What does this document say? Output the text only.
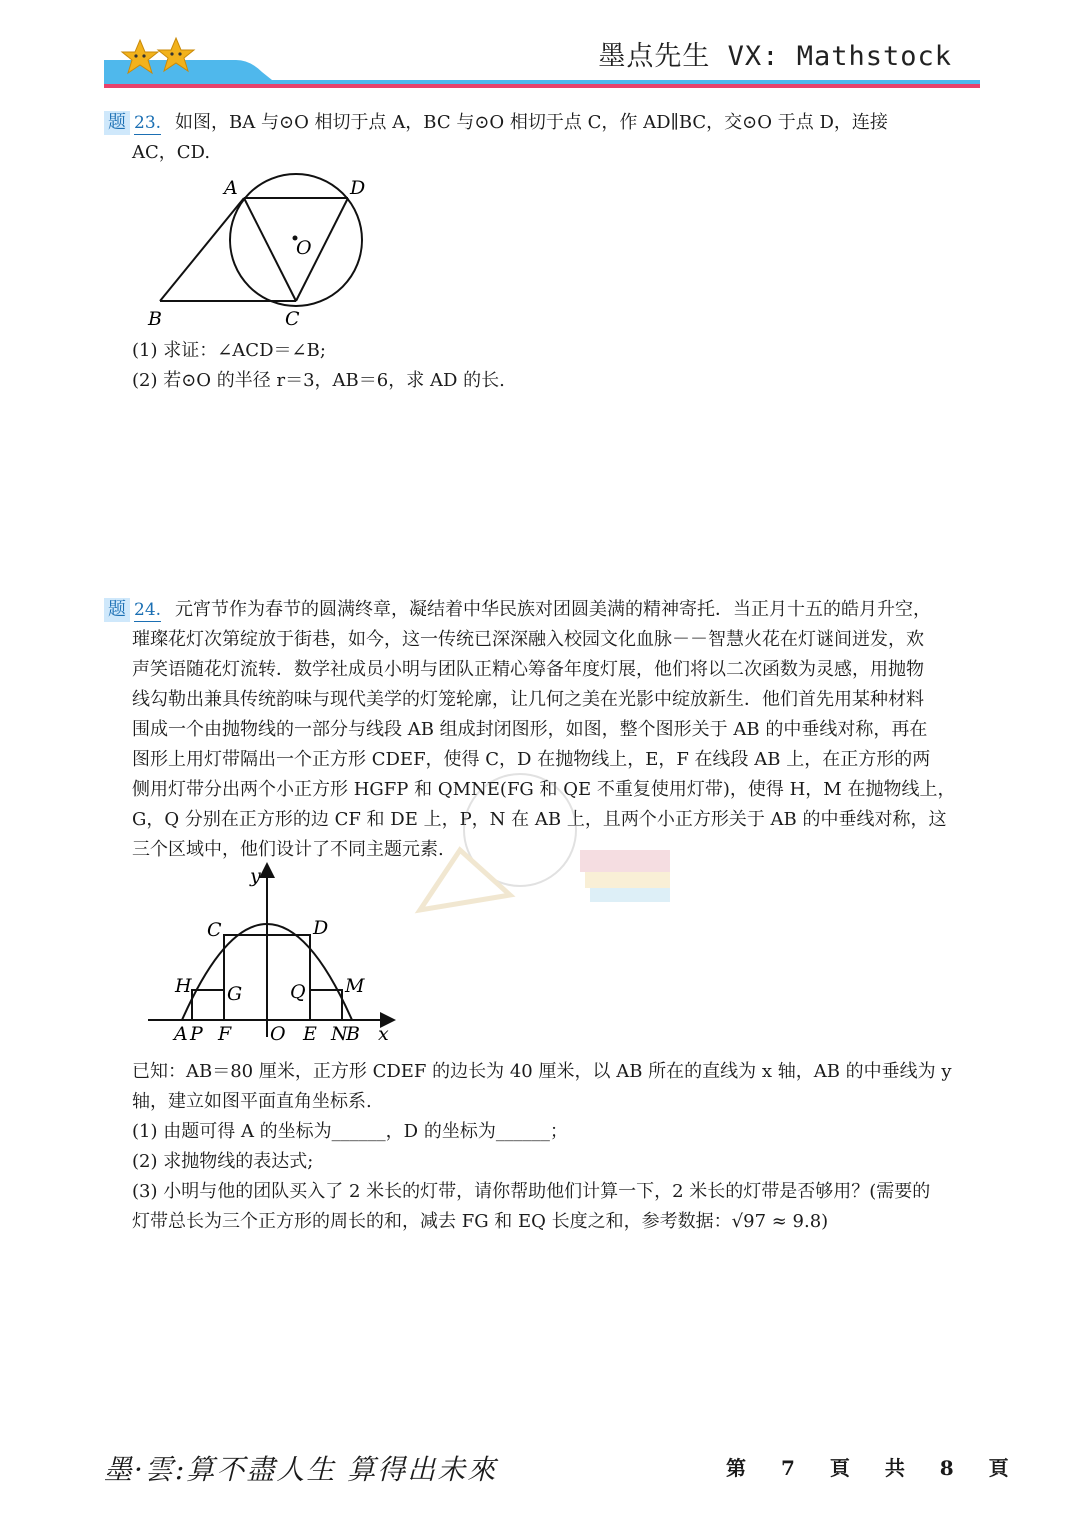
墨点先生 VX: Mathstock
题 23. 如图，BA 与⊙O 相切于点 A，BC 与⊙O 相切于点 C，作 AD∥BC，交⊙O 于点 D，连接
AC，CD.
A	D
O
B	C
(1) 求证：∠ACD＝∠B;
(2) 若⊙O 的半径 r＝3，AB＝6，求 AD 的长.
题 24. 元宵节作为春节的圆满终章，凝结着中华民族对团圆美满的精神寄托．当正月十五的皓月升空，
璀璨花灯次第绽放于街巷，如今，这一传统已深深融入校园文化血脉－－智慧火花在灯谜间迸发，欢
声笑语随花灯流转．数学社成员小明与团队正精心筹备年度灯展，他们将以二次函数为灵感，用抛物
线勾勒出兼具传统韵味与现代美学的灯笼轮廓，让几何之美在光影中绽放新生．他们首先用某种材料
围成一个由抛物线的一部分与线段 AB 组成封闭图形，如图，整个图形关于 AB 的中垂线对称，再在
图形上用灯带隔出一个正方形 CDEF，使得 C，D 在抛物线上，E，F 在线段 AB 上，在正方形的两
侧用灯带分出两个小正方形 HGFP 和 QMNE(FG 和 QE 不重复使用灯带)，使得 H，M 在抛物线上，
G，Q 分别在正方形的边 CF 和 DE 上，P，N 在 AB 上，且两个小正方形关于 AB 的中垂线对称，这
三个区域中，他们设计了不同主题元素.
y
x
C	D
H G	Q M
A P F O E N
B
已知：AB＝80 厘米，正方形 CDEF 的边长为 40 厘米，以 AB 所在的直线为 x 轴，AB 的中垂线为 y
轴，建立如图平面直角坐标系.
(1) 由题可得 A 的坐标为______，D 的坐标为______；
(2) 求抛物线的表达式;
(3) 小明与他的团队买入了 2 米长的灯带，请你帮助他们计算一下，2 米长的灯带是否够用？(需要的
灯带总长为三个正方形的周长的和，减去 FG 和 EQ 长度之和，参考数据：√97 ≈ 9.8)
墨·雲:算不盡人生 算得出未來	第 7 頁 共 8 頁
